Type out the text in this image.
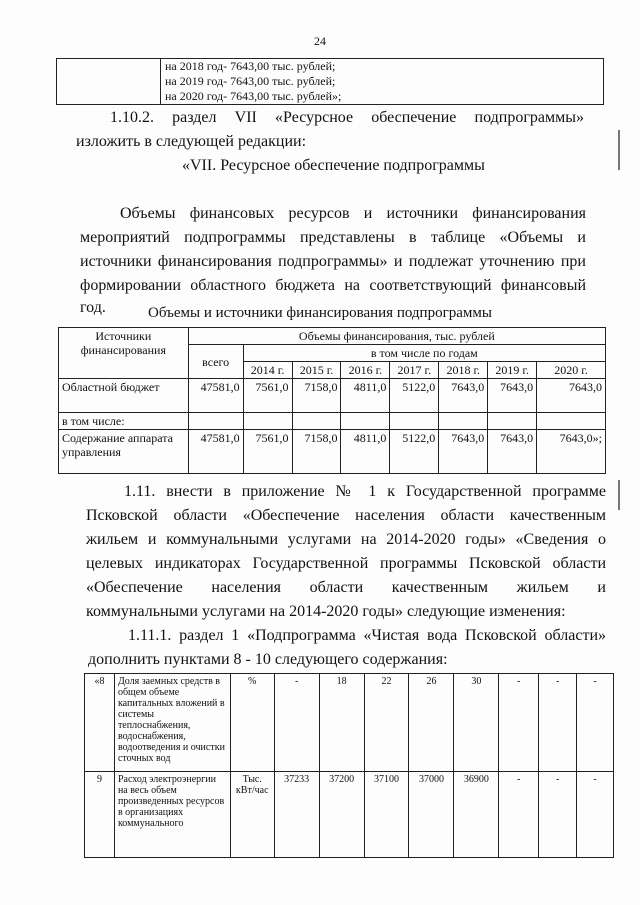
24

на 2018 год- 7643,00 тыс. рублей;
на 2019 год- 7643,00 тыс. рублей;
на 2020 год- 7643,00 тыс. рублей»;
1.10.2. раздел VII «Ресурсное обеспечение подпрограммы»
изложить в следующей редакции:
«VII. Ресурсное обеспечение подпрограммы
Объемы финансовых ресурсов и источники финансирования
мероприятий подпрограммы представлены в таблице «Объемы и
источники финансирования подпрограммы» и подлежат уточнению при
формировании областного бюджета на соответствующий финансовый
год.	Объемы и источники финансирования подпрограммы
Источники финансирования	Объемы финансирования, тыс. рублей							
	всего	в том числе по годам						
		2014 г.	2015 г.	2016 г.	2017 г.	2018 г.	2019 г.	2020 г.
Областной бюджет	47581,0	7561,0	7158,0	4811,0	5122,0	7643,0	7643,0	7643,0
в том числе:								
Содержание аппарата управления	47581,0	7561,0	7158,0	4811,0	5122,0	7643,0	7643,0	7643,0»;
1.11. внести в приложение № 1 к Государственной программе
Псковской области «Обеспечение населения области качественным
жильем и коммунальными услугами на 2014-2020 годы» «Сведения о
целевых индикаторах Государственной программы Псковской области
«Обеспечение населения области качественным жильем и
коммунальными услугами на 2014-2020 годы» следующие изменения:
1.11.1. раздел 1 «Подпрограмма «Чистая вода Псковской области»
дополнить пунктами 8 - 10 следующего содержания:
«8	Доля заемных средств в общем объеме капитальных вложений в системы теплоснабжения, водоснабжения, водоотведения и очистки сточных вод	%	-	18	22	26	30	-	-	-
9	Расход электроэнергии на весь объем произведенных ресурсов в организациях коммунального	Тыс. кВт/час	37233	37200	37100	37000	36900	-	-	-
